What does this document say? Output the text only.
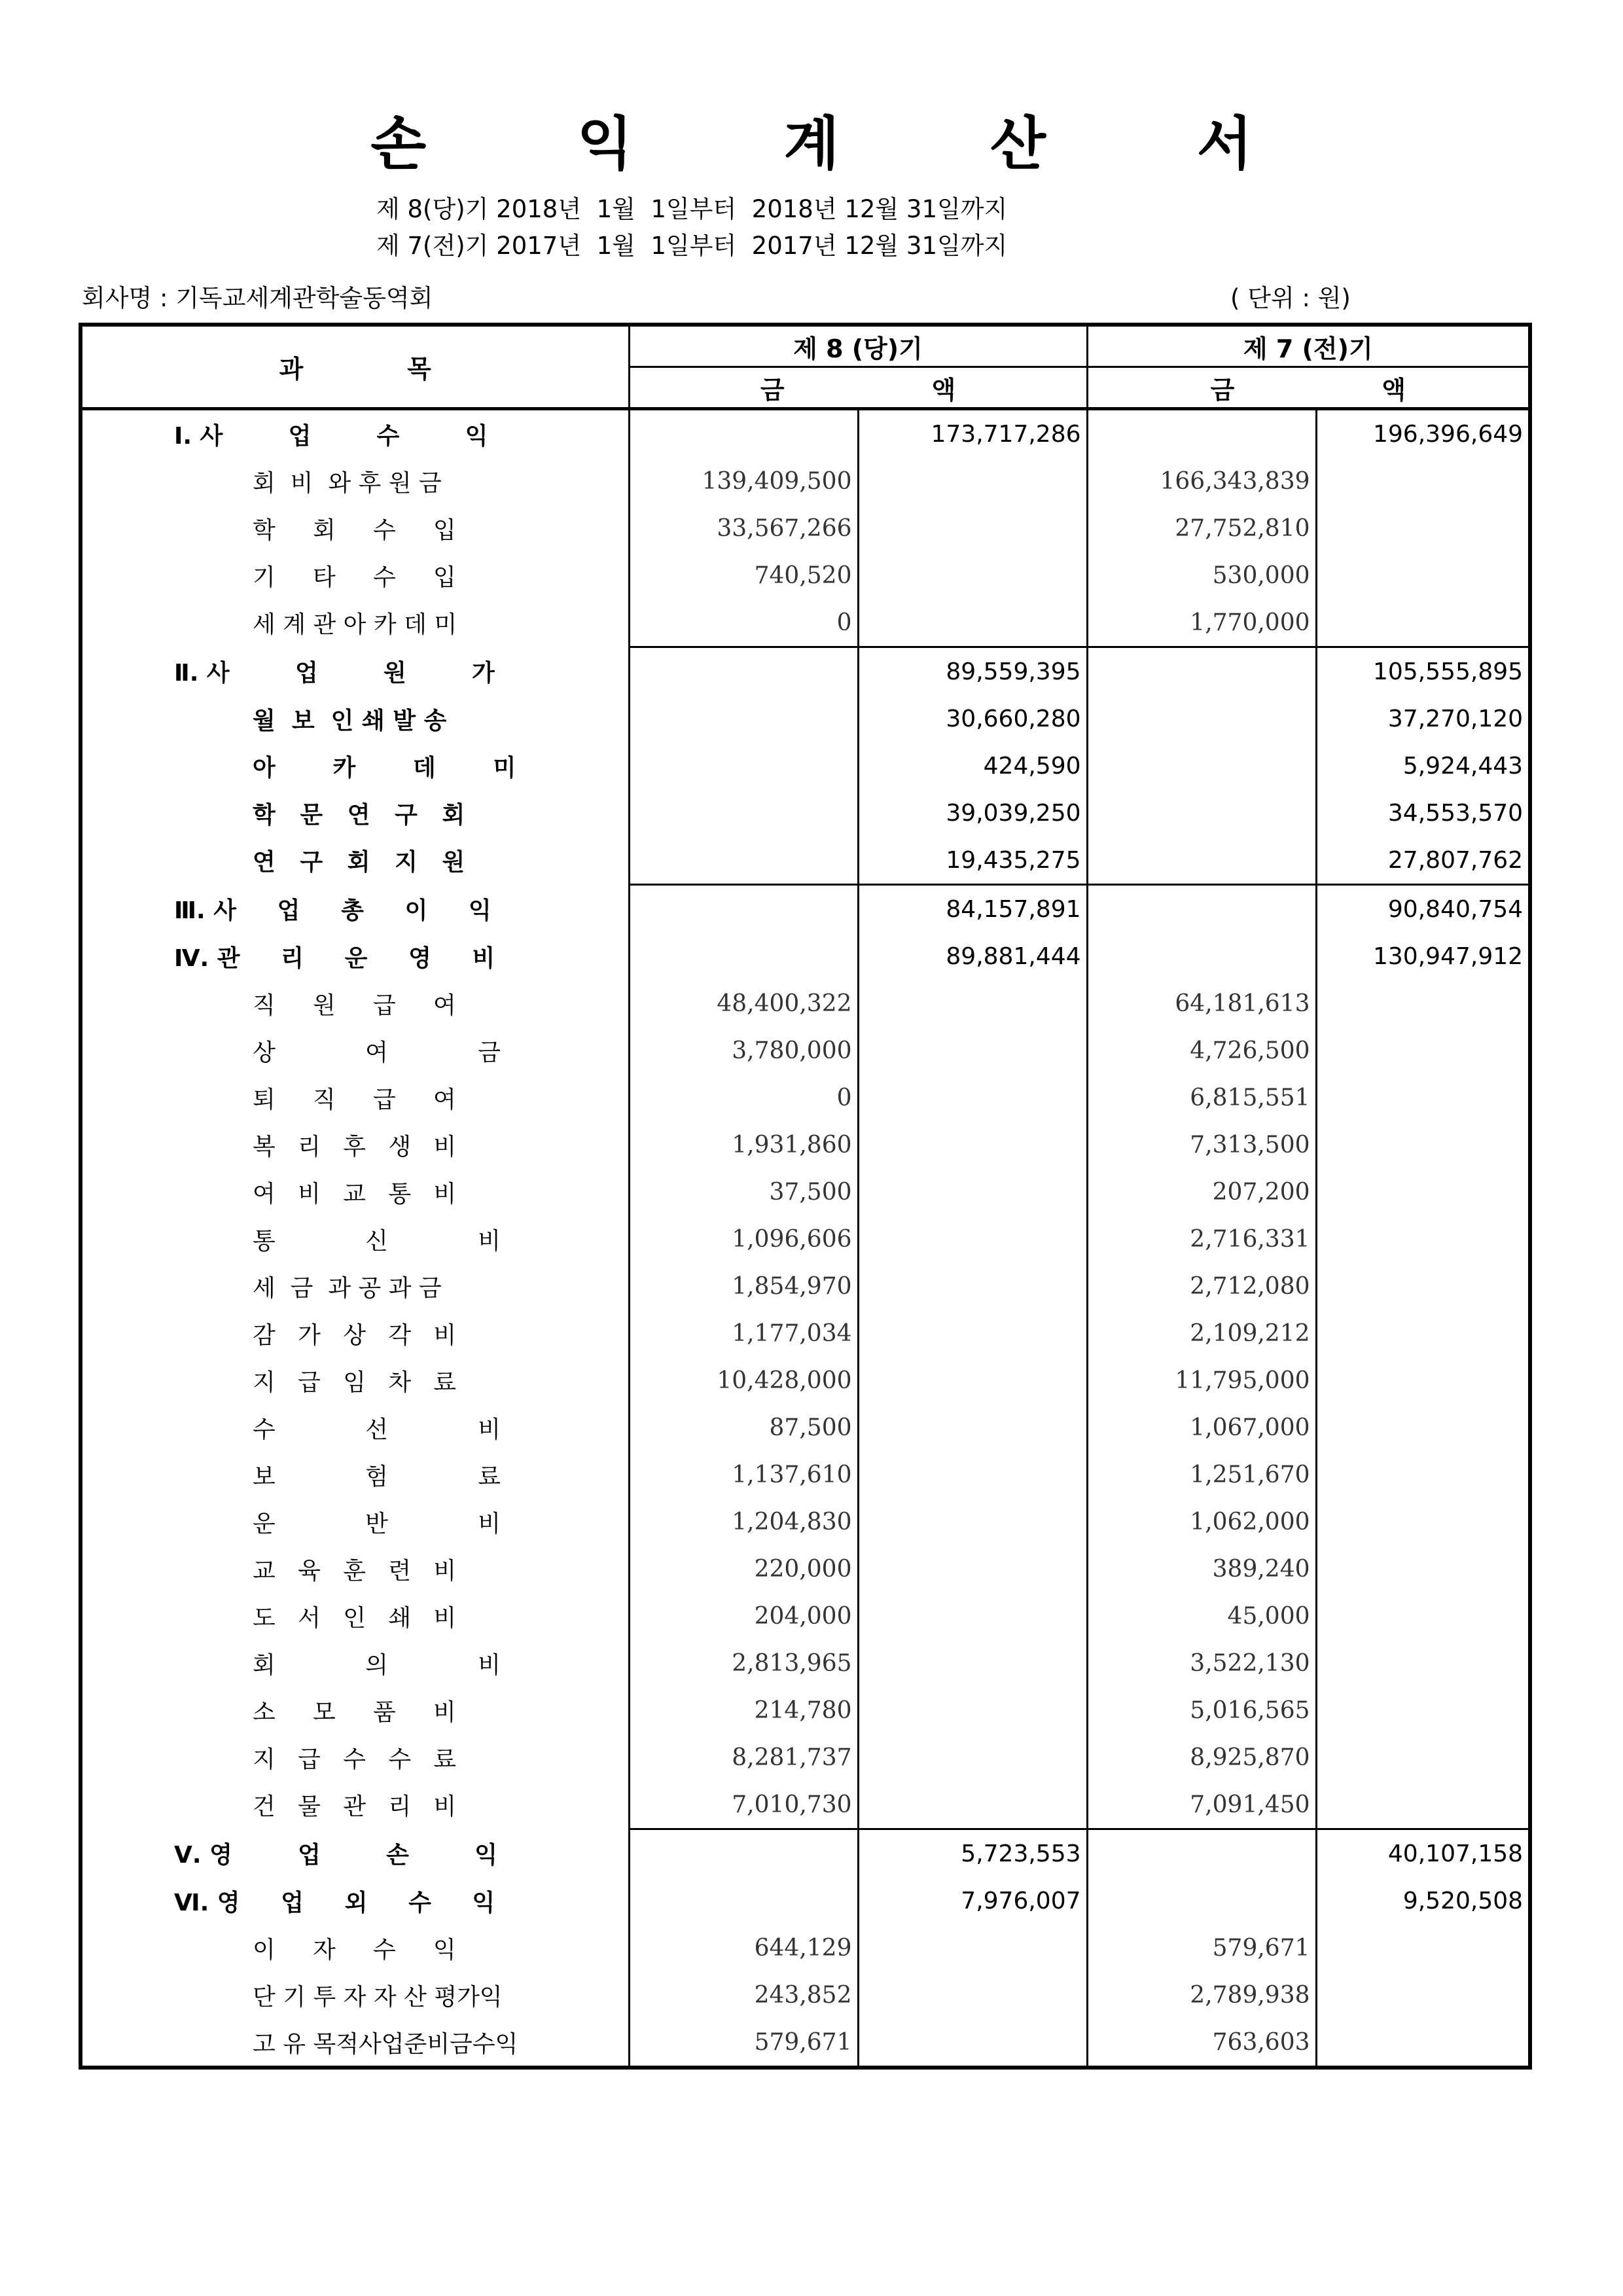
손 익 계 산 서
제 8(당)기 2018년  1월  1일부터  2018년 12월 31일까지
제 7(전)기 2017년  1월  1일부터  2017년 12월 31일까지
회사명 : 기독교세계관학술동역회	( 단위 : 원)
과            목	제 8 (당)기		제 7 (전)기	
	금                 액		금                 액	
Ⅰ. 사        업        수        익		173,717,286		196,396,649
회  비  와 후 원 금	139,409,500		166,343,839	
학     회     수     입	33,567,266		27,752,810	
기     타     수     입	740,520		530,000	
세 계 관 아 카 데 미	0		1,770,000	
Ⅱ. 사        업        원        가		89,559,395		105,555,895
월  보  인 쇄 발 송		30,660,280		37,270,120
아       카       데       미		424,590		5,924,443
학   문   연   구   회		39,039,250		34,553,570
연   구   회   지   원		19,435,275		27,807,762
Ⅲ. 사     업     총     이     익		84,157,891		90,840,754
Ⅳ. 관     리     운     영     비		89,881,444		130,947,912
직     원     급     여	48,400,322		64,181,613	
상            여            금	3,780,000		4,726,500	
퇴     직     급     여	0		6,815,551	
복   리   후   생   비	1,931,860		7,313,500	
여   비   교   통   비	37,500		207,200	
통            신            비	1,096,606		2,716,331	
세  금  과 공 과 금	1,854,970		2,712,080	
감   가   상   각   비	1,177,034		2,109,212	
지   급   임   차   료	10,428,000		11,795,000	
수            선            비	87,500		1,067,000	
보            험            료	1,137,610		1,251,670	
운            반            비	1,204,830		1,062,000	
교   육   훈   련   비	220,000		389,240	
도   서   인   쇄   비	204,000		45,000	
회            의            비	2,813,965		3,522,130	
소     모     품     비	214,780		5,016,565	
지   급   수   수   료	8,281,737		8,925,870	
건   물   관   리   비	7,010,730		7,091,450	
Ⅴ. 영        업        손        익		5,723,553		40,107,158
Ⅵ. 영     업     외     수     익		7,976,007		9,520,508
이     자     수     익	644,129		579,671	
단 기 투 자 자 산 평가익	243,852		2,789,938	
고 유 목적사업준비금수익	579,671		763,603	
